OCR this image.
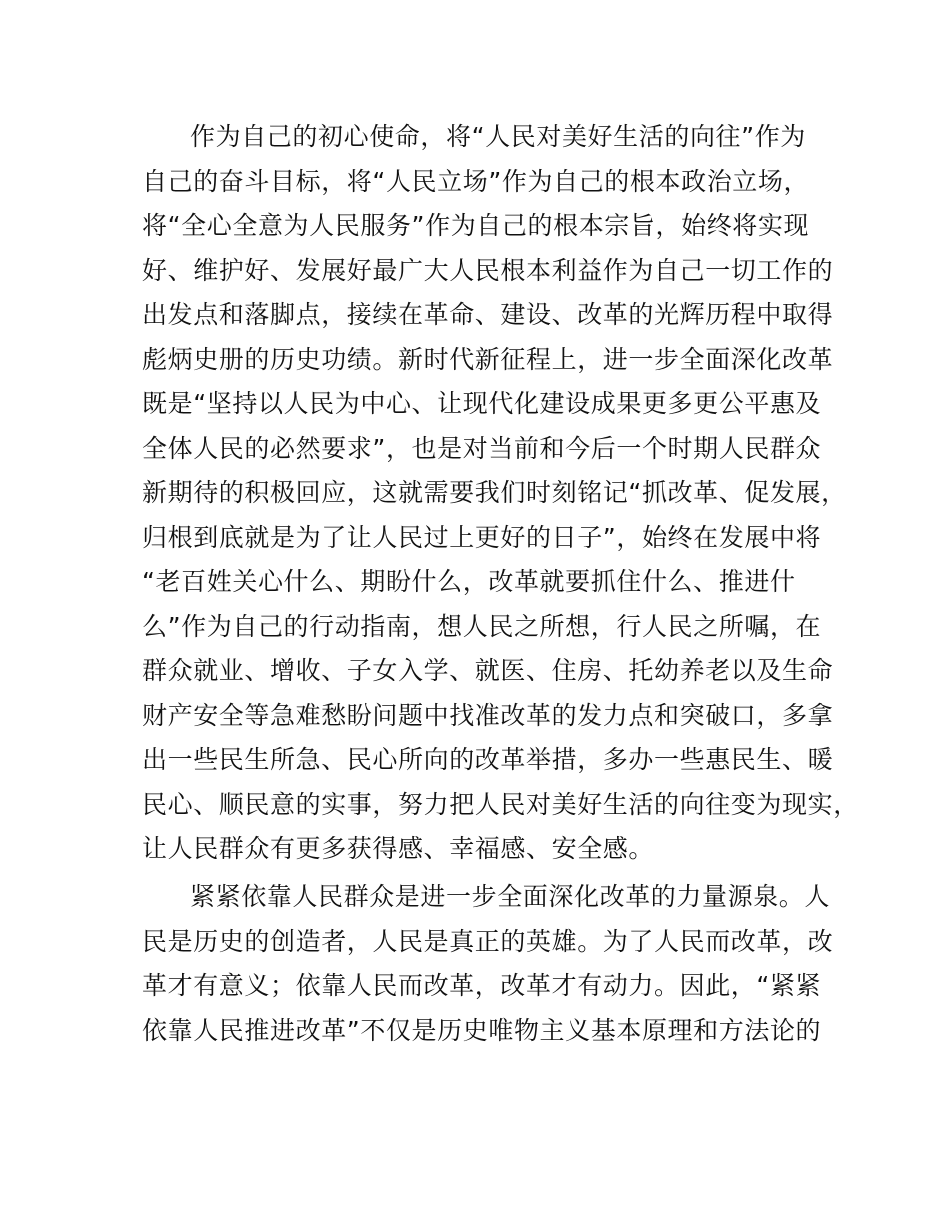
作为自己的初心使命，将“人民对美好生活的向往”作为
自己的奋斗目标，将“人民立场”作为自己的根本政治立场，
将“全心全意为人民服务”作为自己的根本宗旨，始终将实现
好、维护好、发展好最广大人民根本利益作为自己一切工作的
出发点和落脚点，接续在革命、建设、改革的光辉历程中取得
彪炳史册的历史功绩。新时代新征程上，进一步全面深化改革
既是“坚持以人民为中心、让现代化建设成果更多更公平惠及
全体人民的必然要求”，也是对当前和今后一个时期人民群众
新期待的积极回应，这就需要我们时刻铭记“抓改革、促发展，
归根到底就是为了让人民过上更好的日子”，始终在发展中将
“老百姓关心什么、期盼什么，改革就要抓住什么、推进什
么”作为自己的行动指南，想人民之所想，行人民之所嘱，在
群众就业、增收、子女入学、就医、住房、托幼养老以及生命
财产安全等急难愁盼问题中找准改革的发力点和突破口，多拿
出一些民生所急、民心所向的改革举措，多办一些惠民生、暖
民心、顺民意的实事，努力把人民对美好生活的向往变为现实，
让人民群众有更多获得感、幸福感、安全感。
紧紧依靠人民群众是进一步全面深化改革的力量源泉。人
民是历史的创造者，人民是真正的英雄。为了人民而改革，改
革才有意义；依靠人民而改革，改革才有动力。因此，“紧紧
依靠人民推进改革”不仅是历史唯物主义基本原理和方法论的
